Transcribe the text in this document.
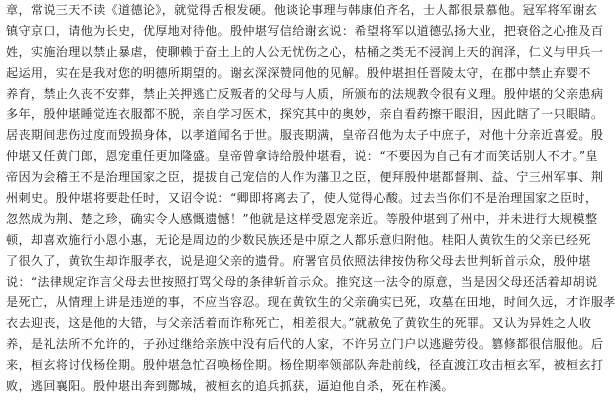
章，常说三天不读《道德论》，就觉得舌根发硬。他谈论事理与韩康伯齐名，士人都很景慕他。冠军将军谢玄
镇守京口，请他为长史，优厚地对待他。殷仲堪写信给谢玄说：希望将军以道德弘扬大业，把衰俗之心推及百
姓，实施治理以禁止暴虐，使聊赖于奋土上的人公无忧伤之心，枯桶之类无不浸润上天的润泽，仁义与甲兵一
起运用，实在是我对您的明德所期望的。谢玄深深赞同他的见解。殷仲堪担任晋陵太守，在郡中禁止弃婴不
养育，禁止久丧不安葬，禁止关押逃亡反叛者的父母与人质，所颁布的法规教令很有义理。殷仲堪的父亲患病
多年，殷仲堪睡觉连衣服都不脱，亲自学习医术，探究其中的奥妙，亲自看药擦干眼泪，因此瞎了一只眼睛。
居丧期间悲伤过度而毁损身体，以孝道闻名于世。服丧期满，皇帝召他为太子中庶子，对他十分亲近喜爱。殷
仲堪又任黄门郎，恩宠重任更加隆盛。皇帝曾拿诗给殷仲堪看，说：“不要因为自己有才而笑话别人不才。”皇
帝因为会稽王不是治理国家之臣，提拔自己宠信的人作为藩卫之臣，便拜殷仲堪都督荆、益、宁三州军事、荆
州刺史。殷仲堪将要赴任时，又诏令说：“卿即将离去了，使人觉得心酸。过去当你们不是治理国家之臣时，
忽然成为荆、楚之珍，确实令人感慨遗憾！”他就是这样受恩宠亲近。等殷仲堪到了州中，并未进行大规模整
顿，却喜欢施行小恩小惠，无论是周边的少数民族还是中原之人都乐意归附他。桂阳人黄钦生的父亲已经死
了很久了，黄钦生却诈服孝衣，说是迎父亲的遗骨。府署官员依照法律按伪称父母去世判斩首示众，殷仲堪
说：“法律规定诈言父母去世按照打骂父母的条律斩首示众。推究这一法令的原意，当是因父母还活着却胡说
是死亡，从情理上讲是违逆的事，不应当容忍。现在黄钦生的父亲确实已死，攻墓在田地，时间久远，才诈服孝
衣去迎丧，这是他的大错，与父亲活着而诈称死亡，相差很大。”就赦免了黄钦生的死罪。又认为异姓之人收
养，是礼法所不允许的，子孙过继给亲族中没有后代的人家，不许另立门户以逃避劳役。篡修都很信服他。后
来，桓玄将讨伐杨佺期。殷仲堪急忙召唤杨佺期。杨佺期率领部队奔赴前线，径直渡江攻击桓玄军，被桓玄打
败，逃回襄阳。殷仲堪出奔到酂城，被桓玄的追兵抓获，逼迫他自杀，死在柞溪。
